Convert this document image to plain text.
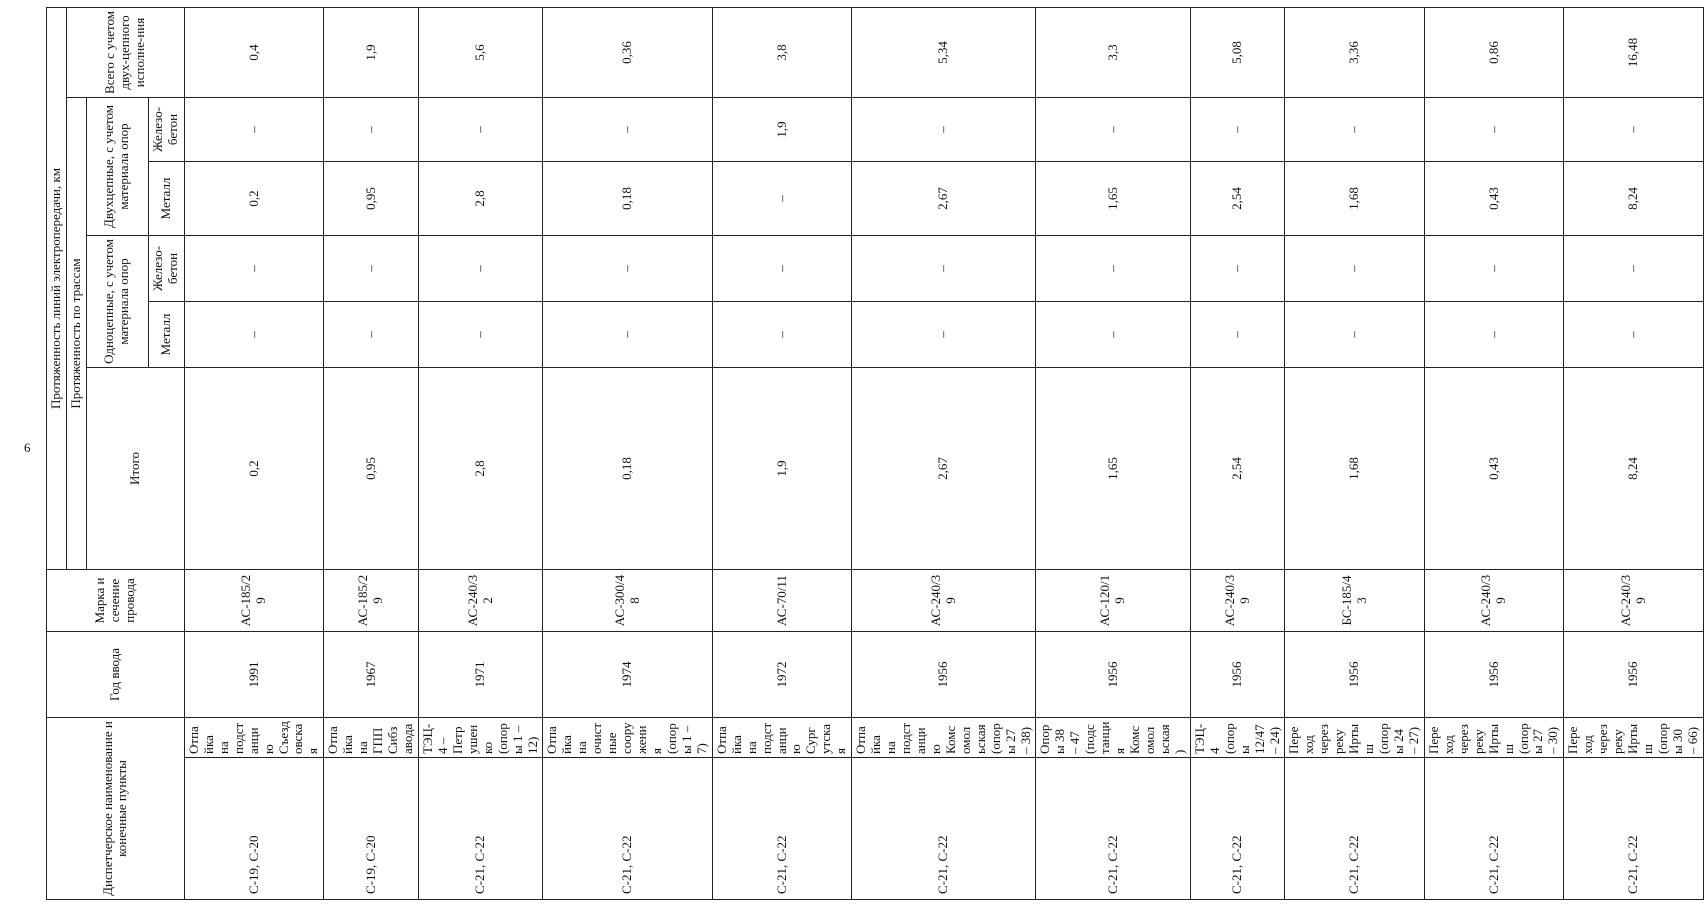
6
Диспетчерское наименование и конечные пункты		Год ввода	Марка и сечение провода	Протяженность линий электропередачи, км					
				Протяженность по трассам					Всего с учетом двух-цепного исполне-ния
				Итого	Одноцепные, с учетом материала опор		Двухцепные, с учетом материала опор		
					Металл	Железо-бетон	Металл	Железо-бетон	
С-19, С-20	Отпайка на подстанцию Съездовская	1991	АС-185/29	0,2	–	–	0,2	–	0,4
С-19, С-20	Отпайка на ГПП Сибзавода	1967	АС-185/29	0,95	–	–	0,95	–	1,9
С-21, С-22	ТЭЦ-4 – Петрушенко (опоры 1 – 12)	1971	АС-240/32	2,8	–	–	2,8	–	5,6
С-21, С-22	Отпайка на очистные сооружения (опоры 1 – 7)	1974	АС-300/48	0,18	–	–	0,18	–	0,36
С-21, С-22	Отпайка на подстанцию Сургутская	1972	АС-70/11	1,9	–	–	–	1,9	3,8
С-21, С-22	Отпайка на подстанцию Комсомольская (опоры 27 – 38)	1956	АС-240/39	2,67	–	–	2,67	–	5,34
С-21, С-22	Опоры 38 – 47 (подстанция Комсомольская)	1956	АС-120/19	1,65	–	–	1,65	–	3,3
С-21, С-22	ТЭЦ-4 (опоры 12/47 – 24)	1956	АС-240/39	2,54	–	–	2,54	–	5,08
С-21, С-22	Переход через реку Иртыш (опоры 24 – 27)	1956	БС-185/43	1,68	–	–	1,68	–	3,36
С-21, С-22	Переход через реку Иртыш (опоры 27 – 30)	1956	АС-240/39	0,43	–	–	0,43	–	0,86
С-21, С-22	Переход через реку Иртыш (опоры 30 – 66)	1956	АС-240/39	8,24	–	–	8,24	–	16,48
